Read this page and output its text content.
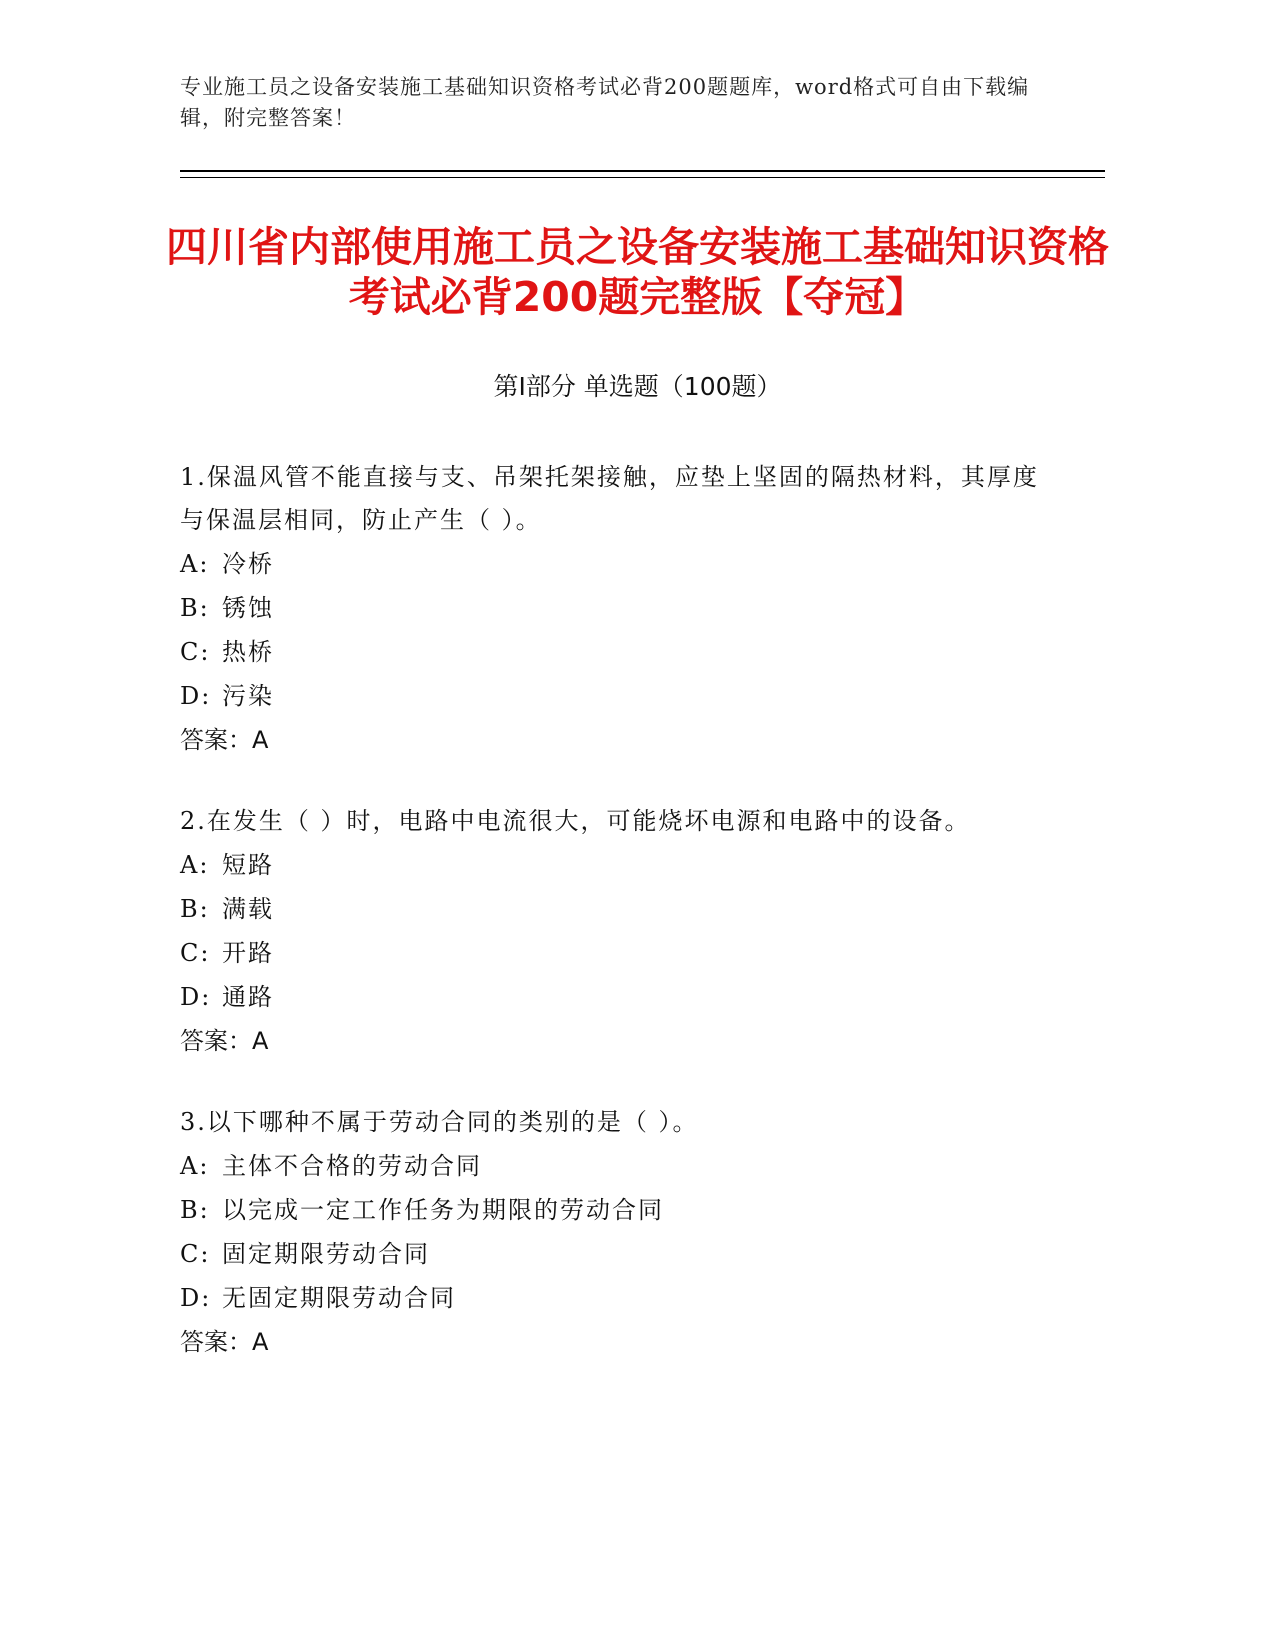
专业施工员之设备安装施工基础知识资格考试必背200题题库，word格式可自由下载编辑，附完整答案！
四川省内部使用施工员之设备安装施工基础知识资格考试必背200题完整版【夺冠】
第I部分 单选题（100题）
1.保温风管不能直接与支、吊架托架接触，应垫上坚固的隔热材料，其厚度与保温层相同，防止产生（ ）。
A: 冷桥
B: 锈蚀
C: 热桥
D: 污染
答案：A
2.在发生（ ）时，电路中电流很大，可能烧坏电源和电路中的设备。
A: 短路
B: 满载
C: 开路
D: 通路
答案：A
3.以下哪种不属于劳动合同的类别的是（ ）。
A: 主体不合格的劳动合同
B: 以完成一定工作任务为期限的劳动合同
C: 固定期限劳动合同
D: 无固定期限劳动合同
答案：A
